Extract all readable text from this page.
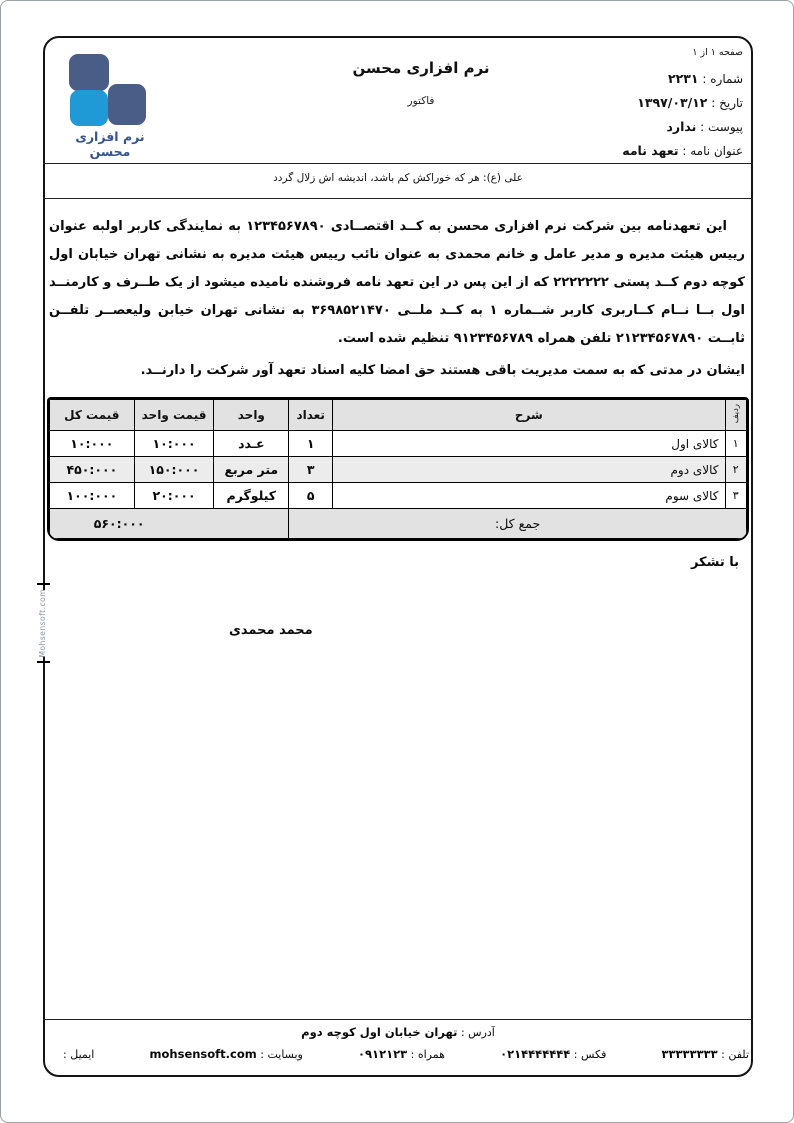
نرم افزاری محسن
نرم افزاری محسن
فاکتور
صفحه ۱ از ۱
شماره : ۲۲۳۱
تاریخ : ۱۳۹۷/۰۳/۱۲
پیوست : ندارد
عنوان نامه : تعهد نامه
علی (ع): هر که خوراکش کم باشد، اندیشه اش زلال گردد

این تعهدنامه بین شرکت نرم افزاری محسن به کــد اقتصــادی ۱۲۳۴۵۶۷۸۹۰ به نمایندگی کاربر اولبه عنوان رییس هیئت مدیره و مدیر عامل و خانم محمدی به عنوان نائب رییس هیئت مدیره به نشانی تهران خیابان اول کوچه دوم کــد پستی ۲۲۲۲۲۲۲ که از این پس در این تعهد نامه فروشنده نامیده میشود از یک طــرف و کارمنــد اول بــا نــام کــاربری کاربر شــماره ۱ به کــد ملــی ۳۶۹۸۵۲۱۴۷۰ به نشانی تهران خیابن ولیعصــر تلفــن ثابــت ۲۱۲۳۴۵۶۷۸۹۰ تلفن همراه ۹۱۲۳۴۵۶۷۸۹ تنظیم شده است.

ایشان در مدتی که به سمت مدیریت باقی هستند حق امضا کلیه اسناد تعهد آور شرکت را دارنــد.

ردیف	شرح	تعداد	واحد	قیمت واحد	قیمت کل
۱	کالای اول	۱	عـدد	۱۰:۰۰۰	۱۰:۰۰۰
۲	کالای دوم	۳	متر مربع	۱۵۰:۰۰۰	۴۵۰:۰۰۰
۳	کالای سوم	۵	کیلوگرم	۲۰:۰۰۰	۱۰۰:۰۰۰
جمع کل:			۵۶۰:۰۰۰		
با تشکر
محمد محمدی
Mohsensoft.com
آدرس : تهران خیابان اول کوچه دوم
تلفن : ۳۳۳۳۳۳۳۳
فکس : ۰۲۱۴۴۴۴۴۴۴
همراه : ۰۹۱۲۱۲۳
وبسایت : mohsensoft.com
ایمیل :
